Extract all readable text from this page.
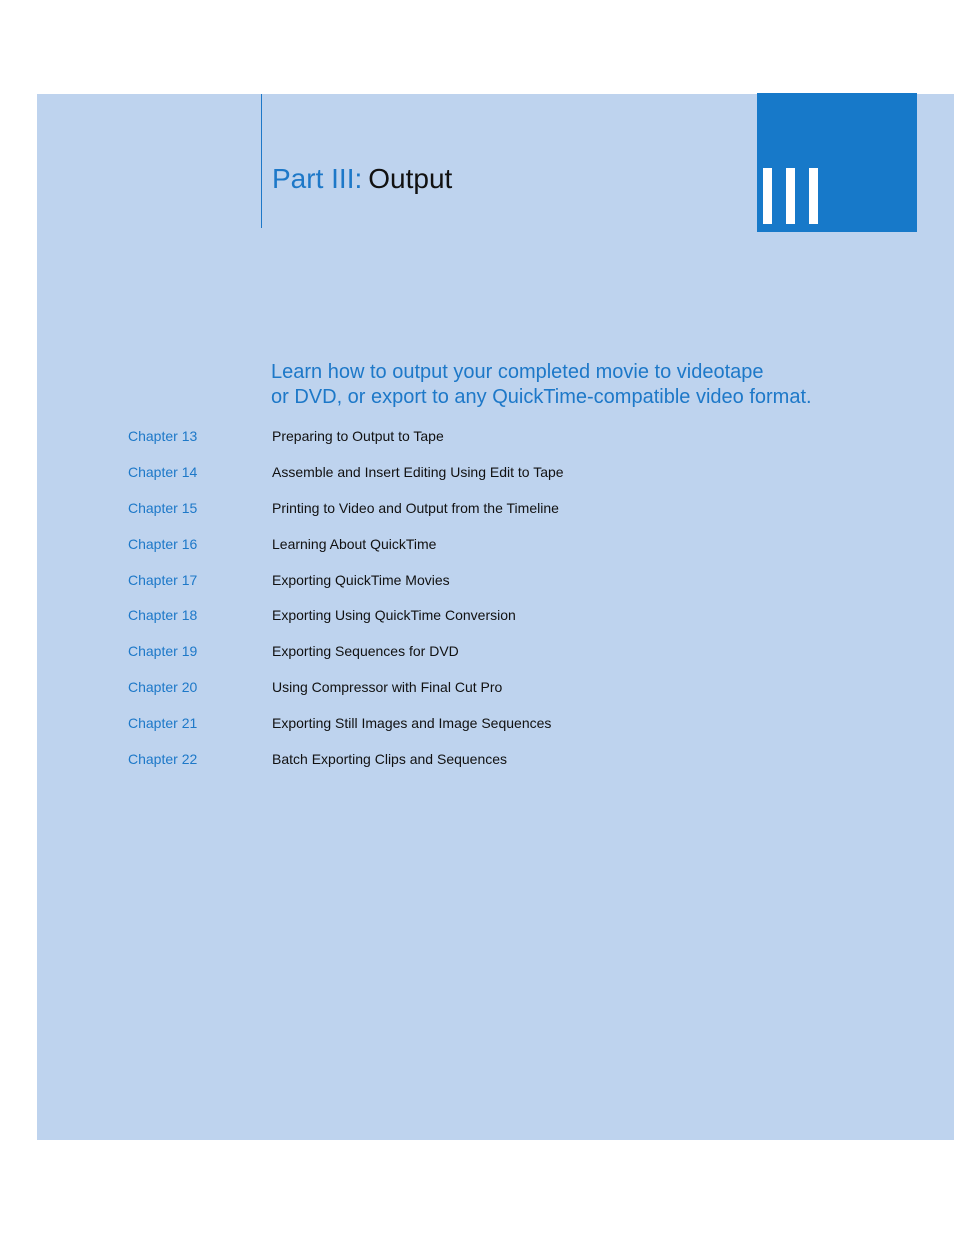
Part III: Output
Learn how to output your completed movie to videotape
or DVD, or export to any QuickTime-compatible video format.
Chapter 13	Preparing to Output to Tape
Chapter 14	Assemble and Insert Editing Using Edit to Tape
Chapter 15	Printing to Video and Output from the Timeline
Chapter 16	Learning About QuickTime
Chapter 17	Exporting QuickTime Movies
Chapter 18	Exporting Using QuickTime Conversion
Chapter 19	Exporting Sequences for DVD
Chapter 20	Using Compressor with Final Cut Pro
Chapter 21	Exporting Still Images and Image Sequences
Chapter 22	Batch Exporting Clips and Sequences
